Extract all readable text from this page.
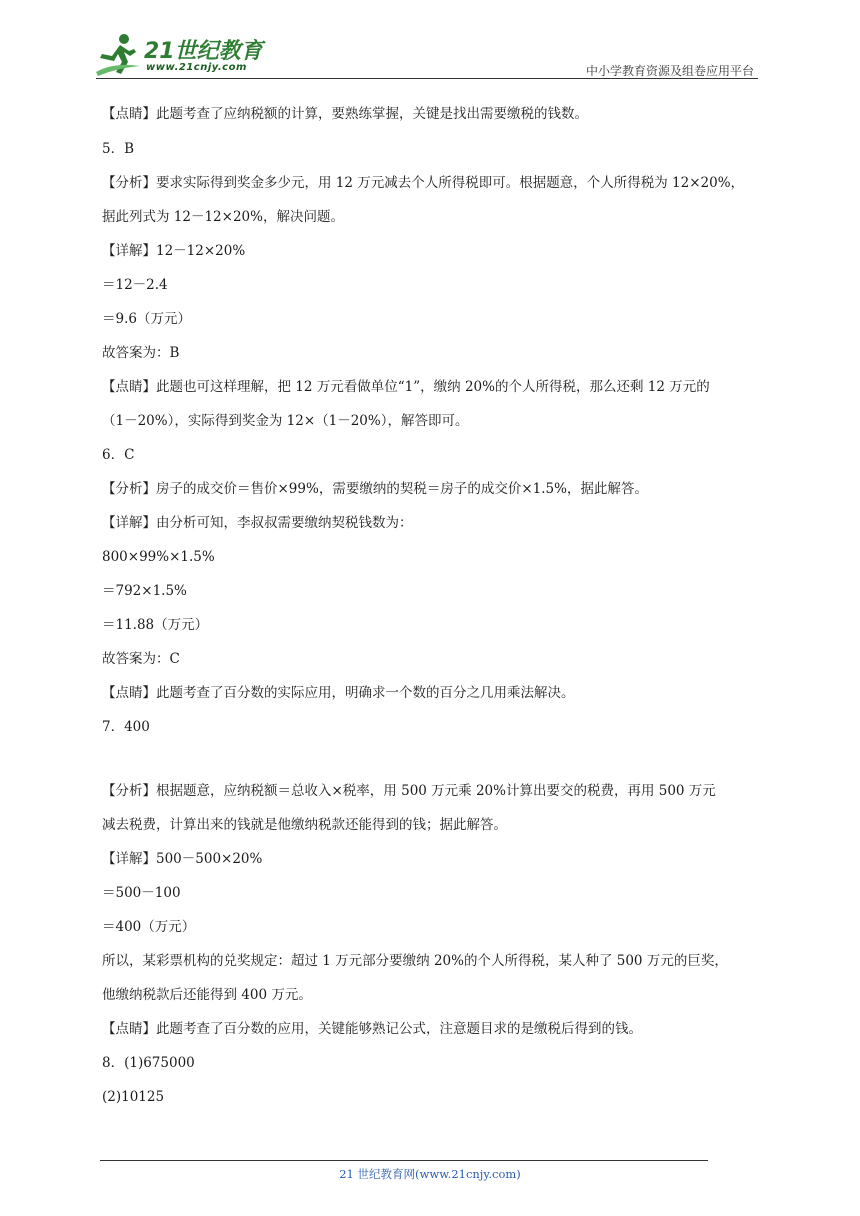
21世纪教育
www.21cnjy.com	中小学教育资源及组卷应用平台
【点睛】此题考查了应纳税额的计算，要熟练掌握，关键是找出需要缴税的钱数。
5．B
【分析】要求实际得到奖金多少元，用 12 万元减去个人所得税即可。根据题意，个人所得税为 12×20%，
据此列式为 12－12×20%，解决问题。
【详解】12－12×20%
＝12－2.4
＝9.6（万元）
故答案为：B
【点睛】此题也可这样理解，把 12 万元看做单位“1”，缴纳 20%的个人所得税，那么还剩 12 万元的
（1－20%），实际得到奖金为 12×（1－20%），解答即可。
6．C
【分析】房子的成交价＝售价×99%，需要缴纳的契税＝房子的成交价×1.5%，据此解答。
【详解】由分析可知，李叔叔需要缴纳契税钱数为：
800×99%×1.5%
＝792×1.5%
＝11.88（万元）
故答案为：C
【点睛】此题考查了百分数的实际应用，明确求一个数的百分之几用乘法解决。
7．400
【分析】根据题意，应纳税额＝总收入×税率，用 500 万元乘 20%计算出要交的税费，再用 500 万元
减去税费，计算出来的钱就是他缴纳税款还能得到的钱；据此解答。
【详解】500－500×20%
＝500－100
＝400（万元）
所以，某彩票机构的兑奖规定：超过 1 万元部分要缴纳 20%的个人所得税，某人种了 500 万元的巨奖，
他缴纳税款后还能得到 400 万元。
【点睛】此题考查了百分数的应用，关键能够熟记公式，注意题目求的是缴税后得到的钱。
8．(1)675000
(2)10125
21 世纪教育网(www.21cnjy.com)
